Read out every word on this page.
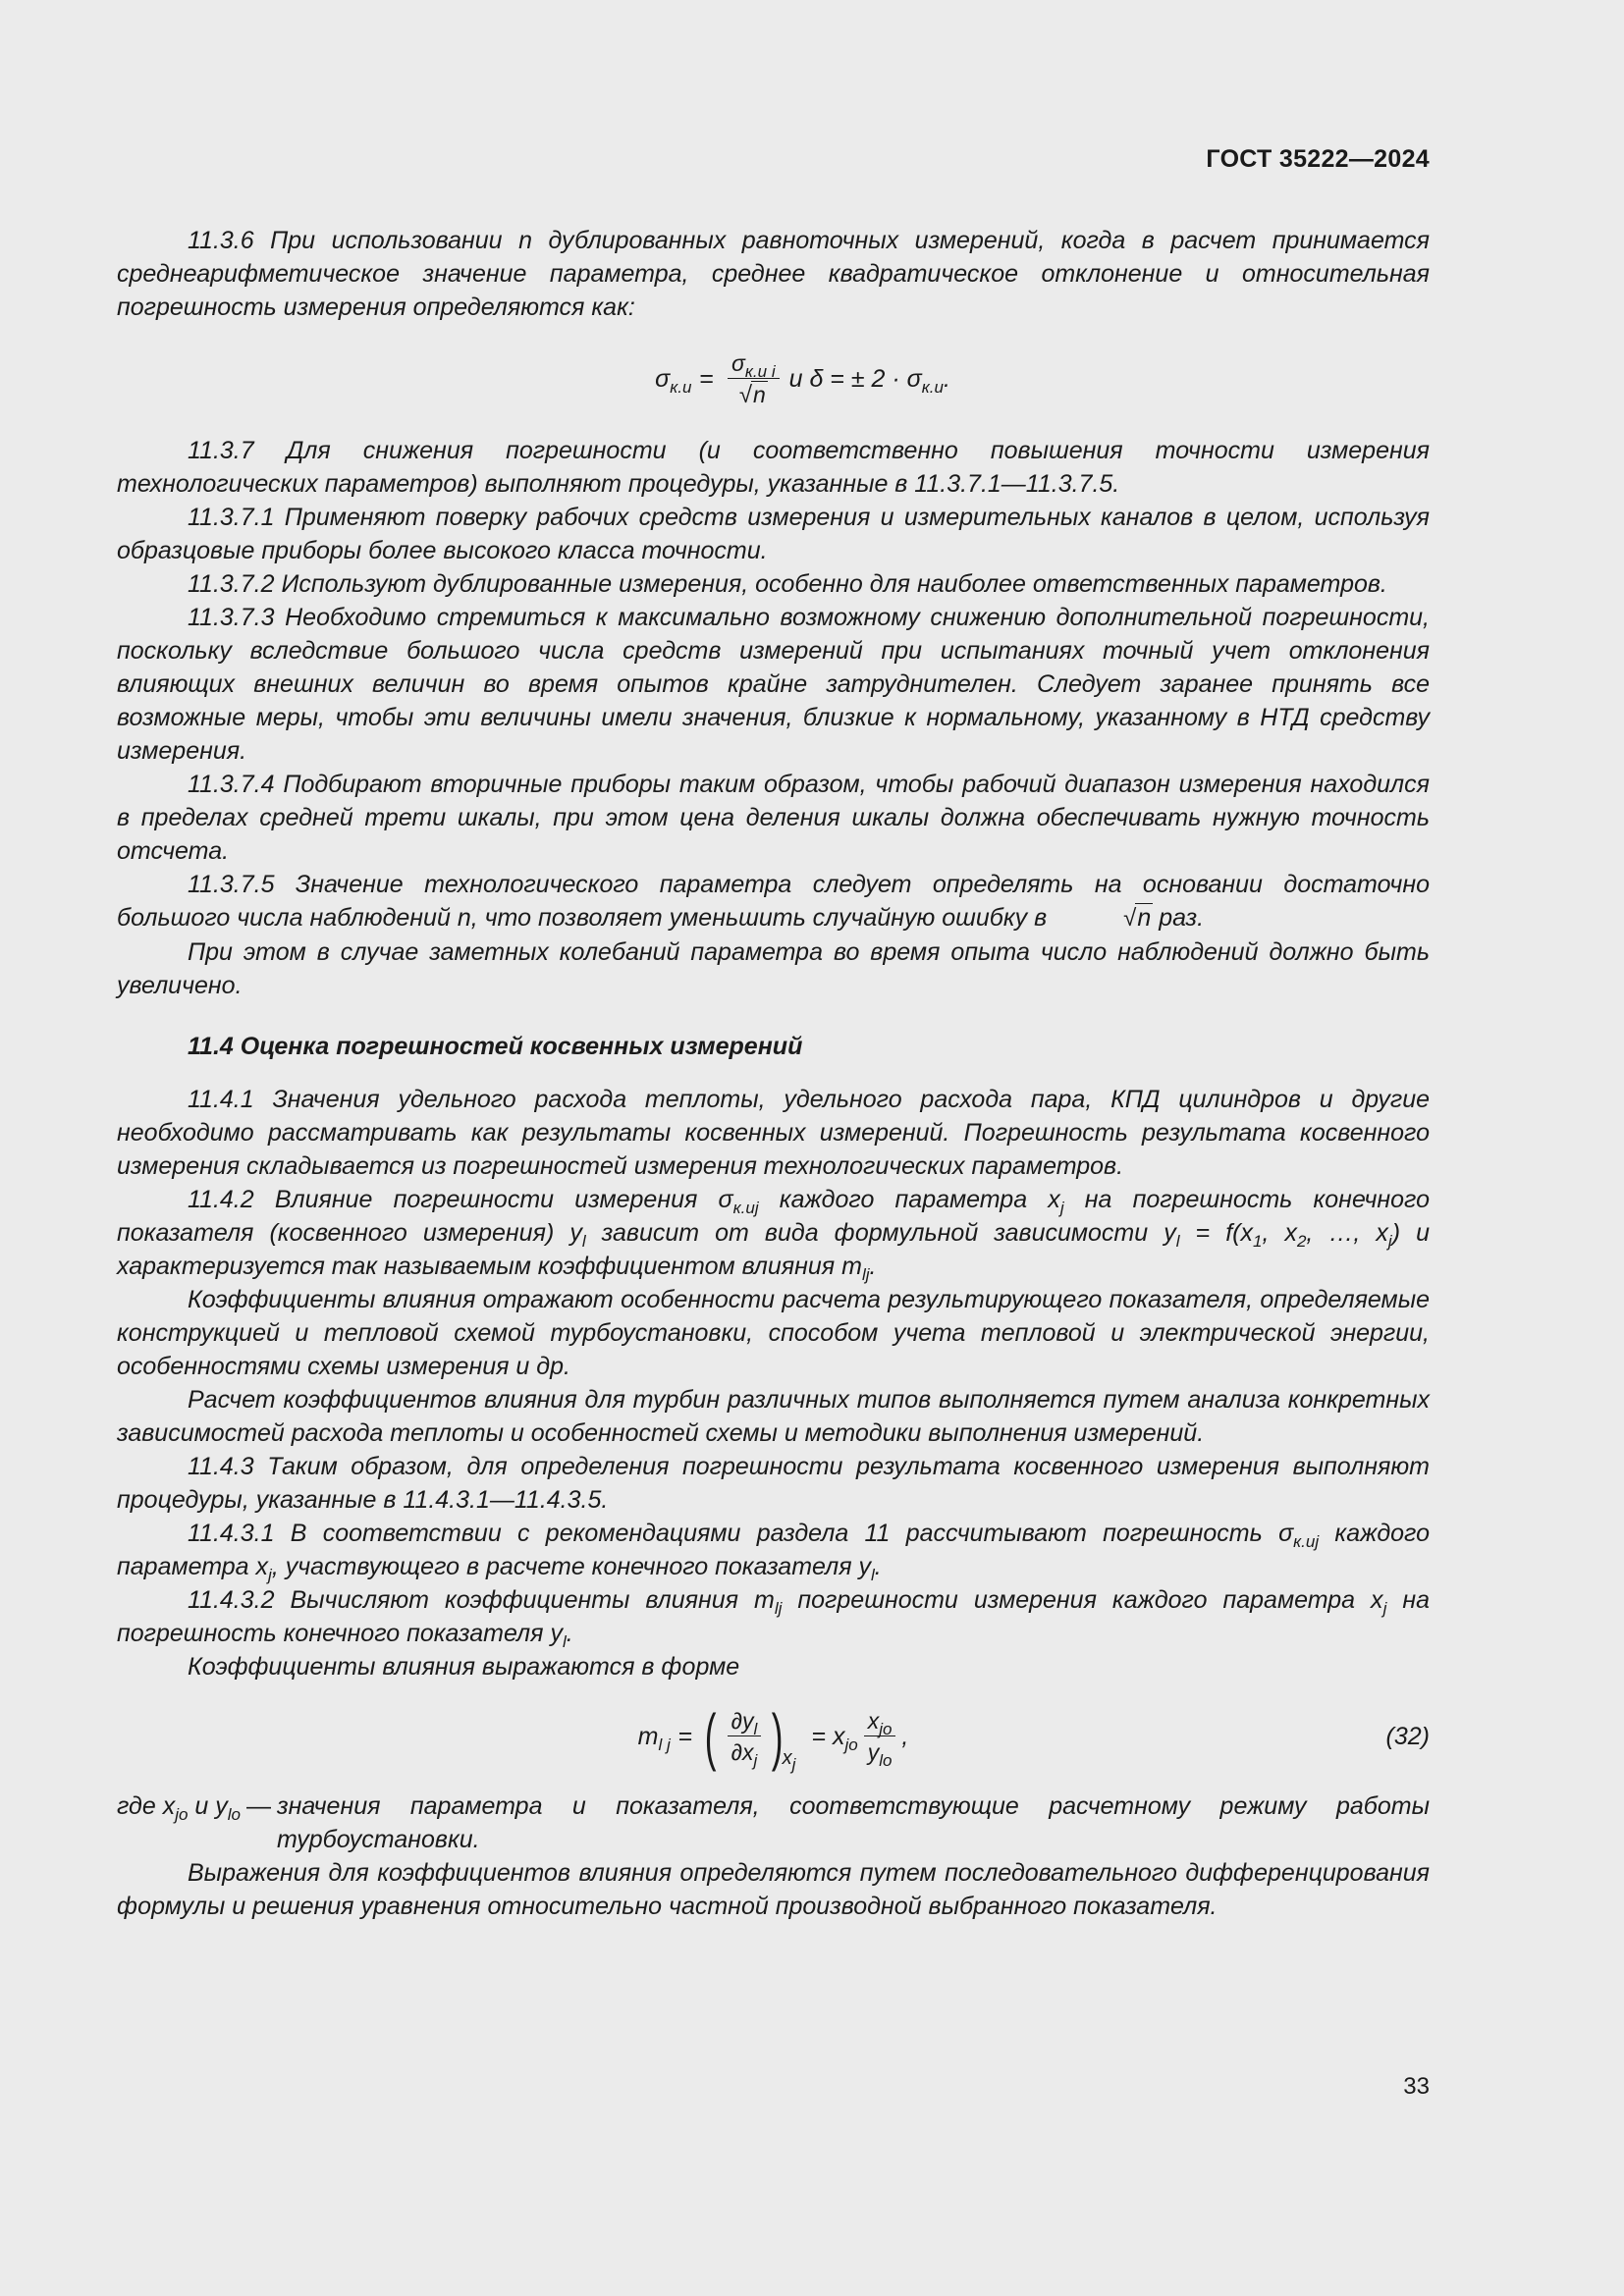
ГОСТ 35222—2024

11.3.6 При использовании n дублированных равноточных измерений, когда в расчет принимается среднеарифметическое значение параметра, среднее квадратическое отклонение и относительная погрешность измерения определяются как:

$\sigma_{к.и} = \frac{\sigma_{к.и i}}{√n}$ и δ = ± $2 \cdot \sigma_{к.и}$.

11.3.7 Для снижения погрешности (и соответственно повышения точности измерения технологических параметров) выполняют процедуры, указанные в 11.3.7.1—11.3.7.5.

11.3.7.1 Применяют поверку рабочих средств измерения и измерительных каналов в целом, используя образцовые приборы более высокого класса точности.

11.3.7.2 Используют дублированные измерения, особенно для наиболее ответственных параметров.

11.3.7.3 Необходимо стремиться к максимально возможному снижению дополнительной погрешности, поскольку вследствие большого числа средств измерений при испытаниях точный учет отклонения влияющих внешних величин во время опытов крайне затруднителен. Следует заранее принять все возможные меры, чтобы эти величины имели значения, близкие к нормальному, указанному в НТД средству измерения.

11.3.7.4 Подбирают вторичные приборы таким образом, чтобы рабочий диапазон измерения находился в пределах средней трети шкалы, при этом цена деления шкалы должна обеспечивать нужную точность отсчета.

11.3.7.5 Значение технологического параметра следует определять на основании достаточно большого числа наблюдений n, что позволяет уменьшить случайную ошибку в	√n раз.

При этом в случае заметных колебаний параметра во время опыта число наблюдений должно быть увеличено.

11.4 Оценка погрешностей косвенных измерений

11.4.1 Значения удельного расхода теплоты, удельного расхода пара, КПД цилиндров и другие необходимо рассматривать как результаты косвенных измерений. Погрешность результата косвенного измерения складывается из погрешностей измерения технологических параметров.

11.4.2 Влияние погрешности измерения $\sigma_{к.uj}$ каждого параметра $x_j$ на погрешность конечного показателя (косвенного измерения) $y_l$ зависит от вида формульной зависимости $y_l = f(x_1$, $x_2$, …, $x_j$) и характеризуется так называемым коэффициентом влияния $m_{lj}$.

Коэффициенты влияния отражают особенности расчета результирующего показателя, определяемые конструкцией и тепловой схемой турбоустановки, способом учета тепловой и электрической энергии, особенностями схемы измерения и др.

Расчет коэффициентов влияния для турбин различных типов выполняется путем анализа конкретных зависимостей расхода теплоты и особенностей схемы и методики выполнения измерений.

11.4.3 Таким образом, для определения погрешности результата косвенного измерения выполняют процедуры, указанные в 11.4.3.1—11.4.3.5.

11.4.3.1 В соответствии с рекомендациями раздела 11 рассчитывают погрешность $\sigma_{к.uj}$ каждого параметра $x_j$, участвующего в расчете конечного показателя $y_l$.

11.4.3.2 Вычисляют коэффициенты влияния $m_{lj}$ погрешности измерения каждого параметра $x_j$ на погрешность конечного показателя $y_l$.

Коэффициенты влияния выражаются в форме

$m_{l j}$ = ( $\frac{\partial y_l}{\partial x_j}$ )
$x_j$
= $x_{jo} \frac{x_{jo}}{y_{lo}}$ ,	(32)
где $x_{jo}$ и $y_{lo}$ — значения параметра и показателя, соответствующие расчетному режиму работы турбоустановки.

Выражения для коэффициентов влияния определяются путем последовательного дифференцирования формулы и решения уравнения относительно частной производной выбранного показателя.

33
